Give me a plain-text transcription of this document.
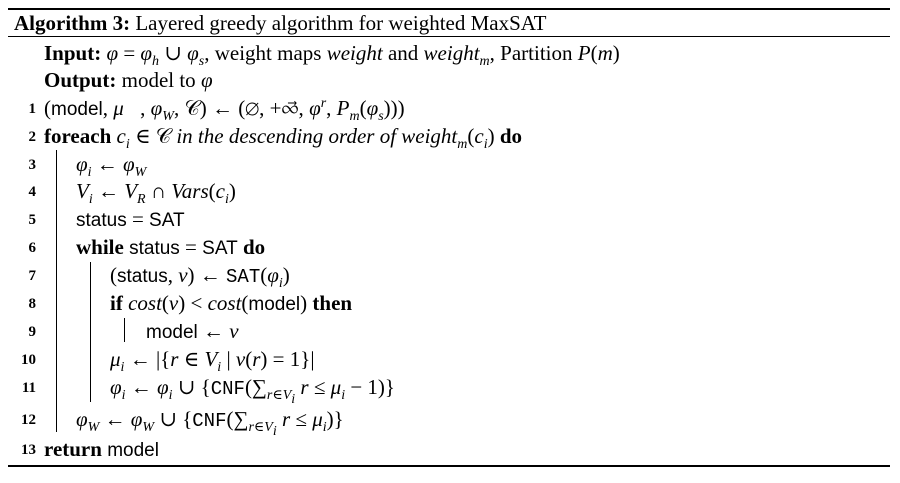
Algorithm 3: Layered greedy algorithm for weighted MaxSAT
Input: $\varphi = \varphi_h$ ∪ $\varphi_s$, weight maps weight and weight$_m$, Partition P(m)
Output: model to φ
1 (model, μ⃗, $\varphi_W$, 𝒞) ← (∅, +∞⃗, $\varphi^r$, $P_m(\varphi_s)$))
2 foreach $c_i$ ∈ 𝒞 in the descending order of $weight_m(c_i)$ do
3 $\varphi_i$ ← $\varphi_W$
4 $V_i$ ← $V_R$ ∩ $Vars(c_i)$
5 status = SAT
6 while status = SAT do
7	(status, ν) ← $SAT(\varphi_i)$
8	if cost(ν) < cost(model) then
9	model ← ν
10	$\mu_i$ ← |{r ∈ $V_i$ | ν(r) = 1}|
11	$\varphi_i$ ← $\varphi_i$ ∪ {$CNF(\sum_{r\in V_i}$ $r \le \mu_i - 1$)}
12 $\varphi_W$ ← $\varphi_W$ ∪ {$CNF(\sum_{r\in V_i}$ $r \le \mu_i$)}
13 return model
